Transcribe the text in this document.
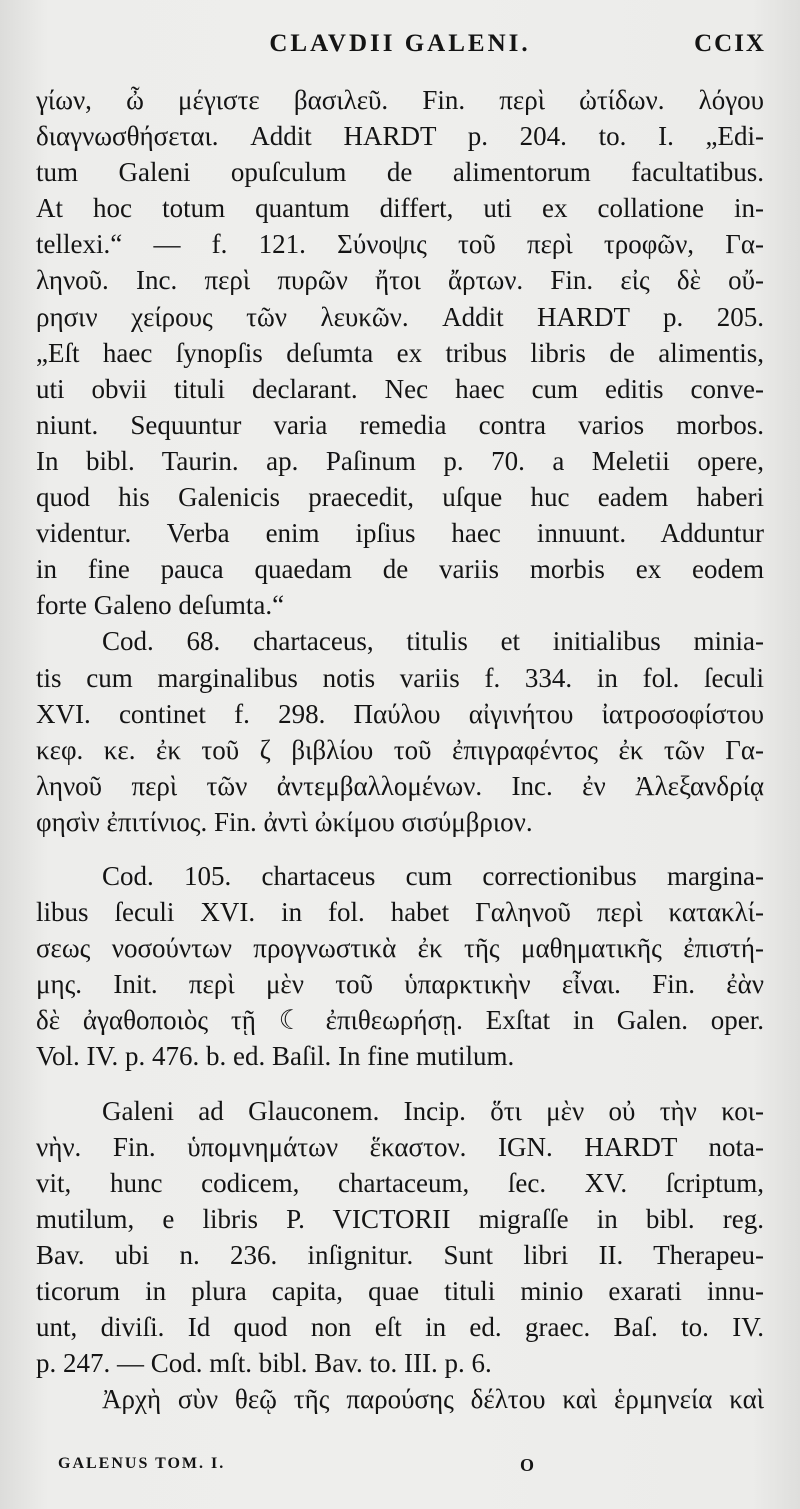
CLAVDII GALENI.	CCIX
γίων, ὦ μέγιστε βασιλεῦ. Fin. περὶ ὠτίδων. λόγου
διαγνωσθήσεται. Addit HARDT p. 204. to. I. „Edi-
tum Galeni opuſculum de alimentorum facultatibus.
At hoc totum quantum differt, uti ex collatione in-
tellexi.“ — f. 121. Σύνοψις τοῦ περὶ τροφῶν, Γα-
ληνοῦ. Inc. περὶ πυρῶν ἤτοι ἄρτων. Fin. εἰς δὲ οὔ-
ρησιν χείρους τῶν λευκῶν. Addit HARDT p. 205.
„Eſt haec ſynopſis deſumta ex tribus libris de alimentis,
uti obvii tituli declarant. Nec haec cum editis conve-
niunt. Sequuntur varia remedia contra varios morbos.
In bibl. Taurin. ap. Paſinum p. 70. a Meletii opere,
quod his Galenicis praecedit, uſque huc eadem haberi
videntur. Verba enim ipſius haec innuunt. Adduntur
in fine pauca quaedam de variis morbis ex eodem
forte Galeno deſumta.“
Cod. 68. chartaceus, titulis et initialibus minia-
tis cum marginalibus notis variis f. 334. in fol. ſeculi
XVI. continet f. 298. Παύλου αἰγινήτου ἰατροσοφίστου
κεφ. κε. ἐκ τοῦ ζ βιβλίου τοῦ ἐπιγραφέντος ἐκ τῶν Γα-
ληνοῦ περὶ τῶν ἀντεμβαλλομένων. Inc. ἐν Ἀλεξανδρίᾳ
φησὶν ἐπιτίνιος. Fin. ἀντὶ ὠκίμου σισύμβριον.
Cod. 105. chartaceus cum correctionibus margina-
libus ſeculi XVI. in fol. habet Γαληνοῦ περὶ κατακλί-
σεως νοσούντων προγνωστικὰ ἐκ τῆς μαθηματικῆς ἐπιστή-
μης. Init. περὶ μὲν τοῦ ὑπαρκτικὴν εἶναι. Fin. ἐὰν
δὲ ἀγαθοποιὸς τῇ ☾ ἐπιθεωρήσῃ. Exſtat in Galen. oper.
Vol. IV. p. 476. b. ed. Baſil. In fine mutilum.
Galeni ad Glauconem. Incip. ὅτι μὲν οὐ τὴν κοι-
νὴν. Fin. ὑπομνημάτων ἕκαστον. IGN. HARDT nota-
vit, hunc codicem, chartaceum, ſec. XV. ſcriptum,
mutilum, e libris P. VICTORII migraſſe in bibl. reg.
Bav. ubi n. 236. inſignitur. Sunt libri II. Therapeu-
ticorum in plura capita, quae tituli minio exarati innu-
unt, diviſi. Id quod non eſt in ed. graec. Baſ. to. IV.
p. 247. — Cod. mſt. bibl. Bav. to. III. p. 6.
Ἀρχὴ σὺν θεῷ τῆς παρούσης δέλτου καὶ ἑρμηνεία καὶ
GALENUS TOM. I.	O
